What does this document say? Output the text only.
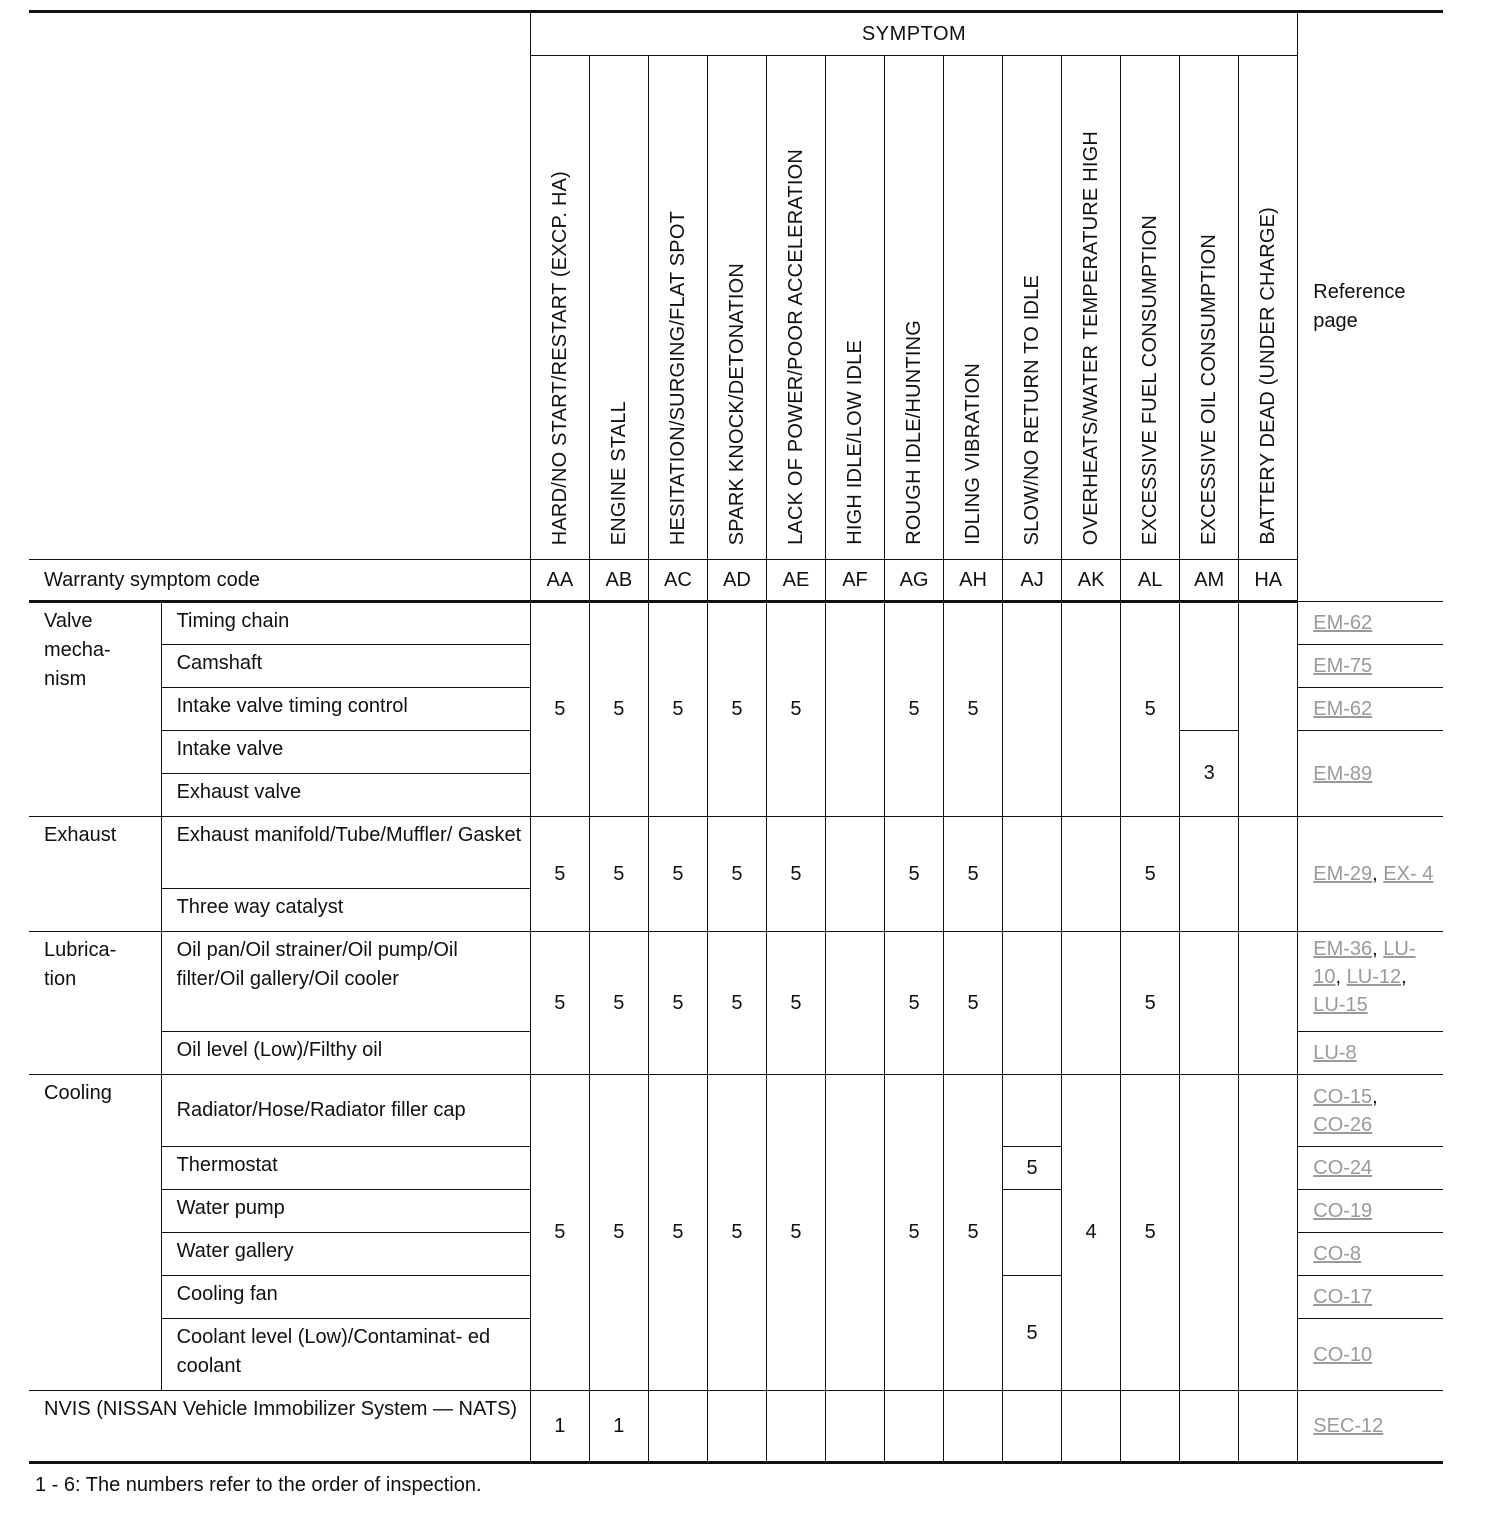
		SYMPTOM													Reference page

		HARD/NO START/RESTART (EXCP. HA)	ENGINE STALL	HESITATION/SURGING/FLAT SPOT	SPARK KNOCK/DETONATION	LACK OF POWER/POOR ACCELERATION	HIGH IDLE/LOW IDLE	ROUGH IDLE/HUNTING	IDLING VIBRATION	SLOW/NO RETURN TO IDLE	OVERHEATS/WATER TEMPERATURE HIGH	EXCESSIVE FUEL CONSUMPTION	EXCESSIVE OIL CONSUMPTION	BATTERY DEAD (UNDER CHARGE)	

Warranty symptom code		AA	AB	AC	AD	AE	AF	AG	AH	AJ	AK	AL	AM	HA	
Valve mecha- nism	Timing chain	5	5	5	5	5		5	5			5			EM-62
	Camshaft														EM-75
	Intake valve timing control														EM-62
	Intake valve												3		EM-89
	Exhaust valve														
Exhaust	Exhaust manifold/Tube/Muffler/ Gasket	5	5	5	5	5		5	5			5			EM-29, EX- 4
	Three way catalyst														
Lubrica- tion	Oil pan/Oil strainer/Oil pump/Oil filter/Oil gallery/Oil cooler	5	5	5	5	5		5	5			5			EM-36, LU- 10, LU-12, LU-15
	Oil level (Low)/Filthy oil														LU-8
Cooling	Radiator/Hose/Radiator filler cap	5	5	5	5	5		5	5		4	5			CO-15,
CO-26
	Thermostat									5					CO-24
	Water pump														CO-19
	Water gallery														CO-8
	Cooling fan									5					CO-17
	Coolant level (Low)/Contaminat- ed coolant														CO-10
NVIS (NISSAN Vehicle Immobilizer System — NATS)		1	1												SEC-12
1 - 6: The numbers refer to the order of inspection.
